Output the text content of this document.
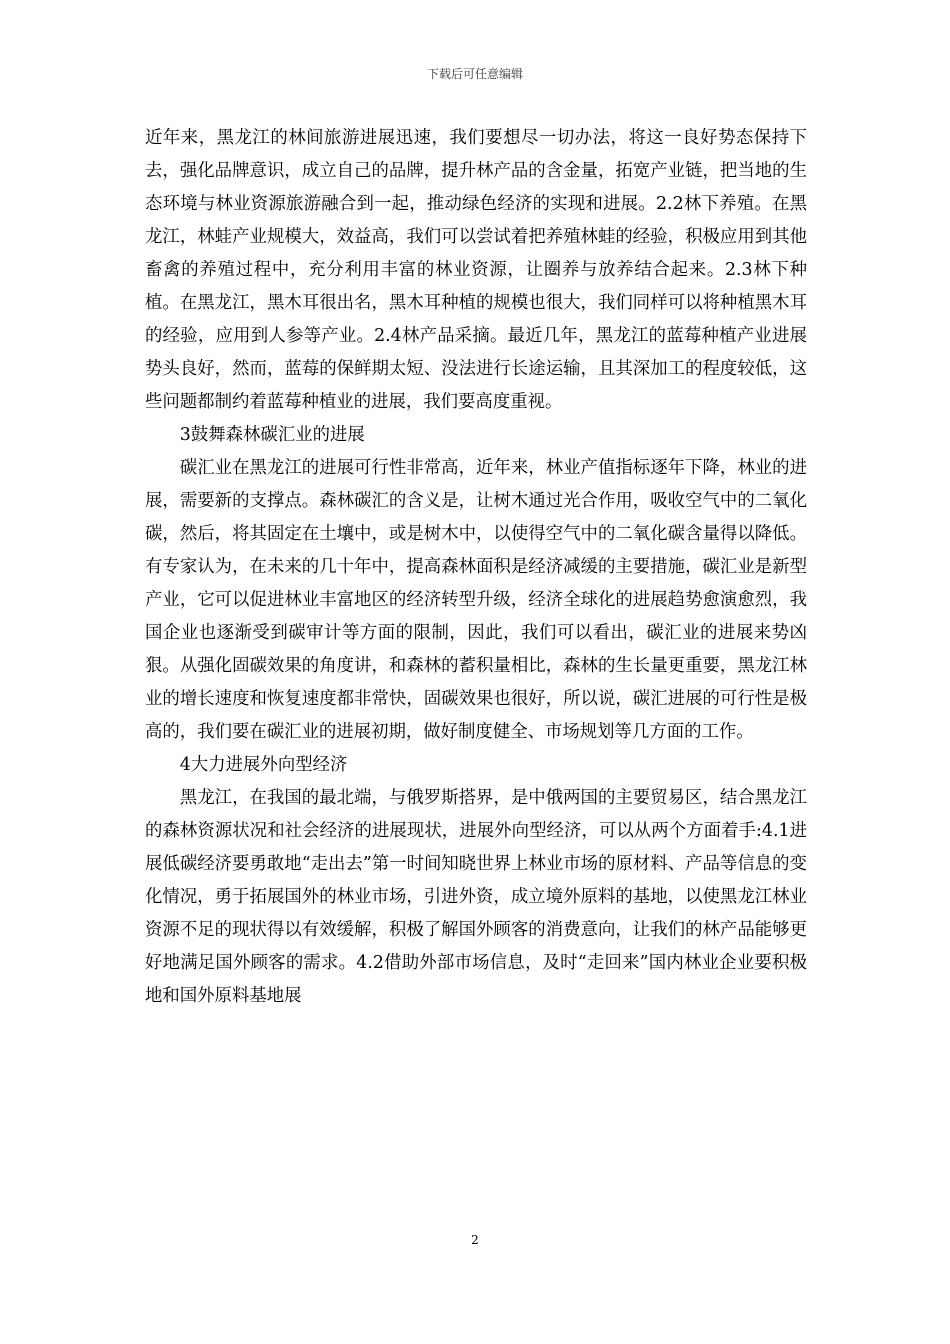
下载后可任意编辑

近年来，黑龙江的林间旅游进展迅速，我们要想尽一切办法，将这一良好势态保持下去，强化品牌意识，成立自己的品牌，提升林产品的含金量，拓宽产业链，把当地的生态环境与林业资源旅游融合到一起，推动绿色经济的实现和进展。2.2林下养殖。在黑龙江，林蛙产业规模大，效益高，我们可以尝试着把养殖林蛙的经验，积极应用到其他畜禽的养殖过程中，充分利用丰富的林业资源，让圈养与放养结合起来。2.3林下种植。在黑龙江，黑木耳很出名，黑木耳种植的规模也很大，我们同样可以将种植黑木耳的经验，应用到人参等产业。2.4林产品采摘。最近几年，黑龙江的蓝莓种植产业进展势头良好，然而，蓝莓的保鲜期太短、没法进行长途运输，且其深加工的程度较低，这些问题都制约着蓝莓种植业的进展，我们要高度重视。

3鼓舞森林碳汇业的进展

碳汇业在黑龙江的进展可行性非常高，近年来，林业产值指标逐年下降，林业的进展，需要新的支撑点。森林碳汇的含义是，让树木通过光合作用，吸收空气中的二氧化碳，然后，将其固定在土壤中，或是树木中，以使得空气中的二氧化碳含量得以降低。有专家认为，在未来的几十年中，提高森林面积是经济减缓的主要措施，碳汇业是新型产业，它可以促进林业丰富地区的经济转型升级，经济全球化的进展趋势愈演愈烈，我国企业也逐渐受到碳审计等方面的限制，因此，我们可以看出，碳汇业的进展来势凶狠。从强化固碳效果的角度讲，和森林的蓄积量相比，森林的生长量更重要，黑龙江林业的增长速度和恢复速度都非常快，固碳效果也很好，所以说，碳汇进展的可行性是极高的，我们要在碳汇业的进展初期，做好制度健全、市场规划等几方面的工作。

4大力进展外向型经济

黑龙江，在我国的最北端，与俄罗斯搭界，是中俄两国的主要贸易区，结合黑龙江的森林资源状况和社会经济的进展现状，进展外向型经济，可以从两个方面着手:4.1进展低碳经济要勇敢地“走出去”第一时间知晓世界上林业市场的原材料、产品等信息的变化情况，勇于拓展国外的林业市场，引进外资，成立境外原料的基地，以使黑龙江林业资源不足的现状得以有效缓解，积极了解国外顾客的消费意向，让我们的林产品能够更好地满足国外顾客的需求。4.2借助外部市场信息，及时“走回来”国内林业企业要积极地和国外原料基地展

2
